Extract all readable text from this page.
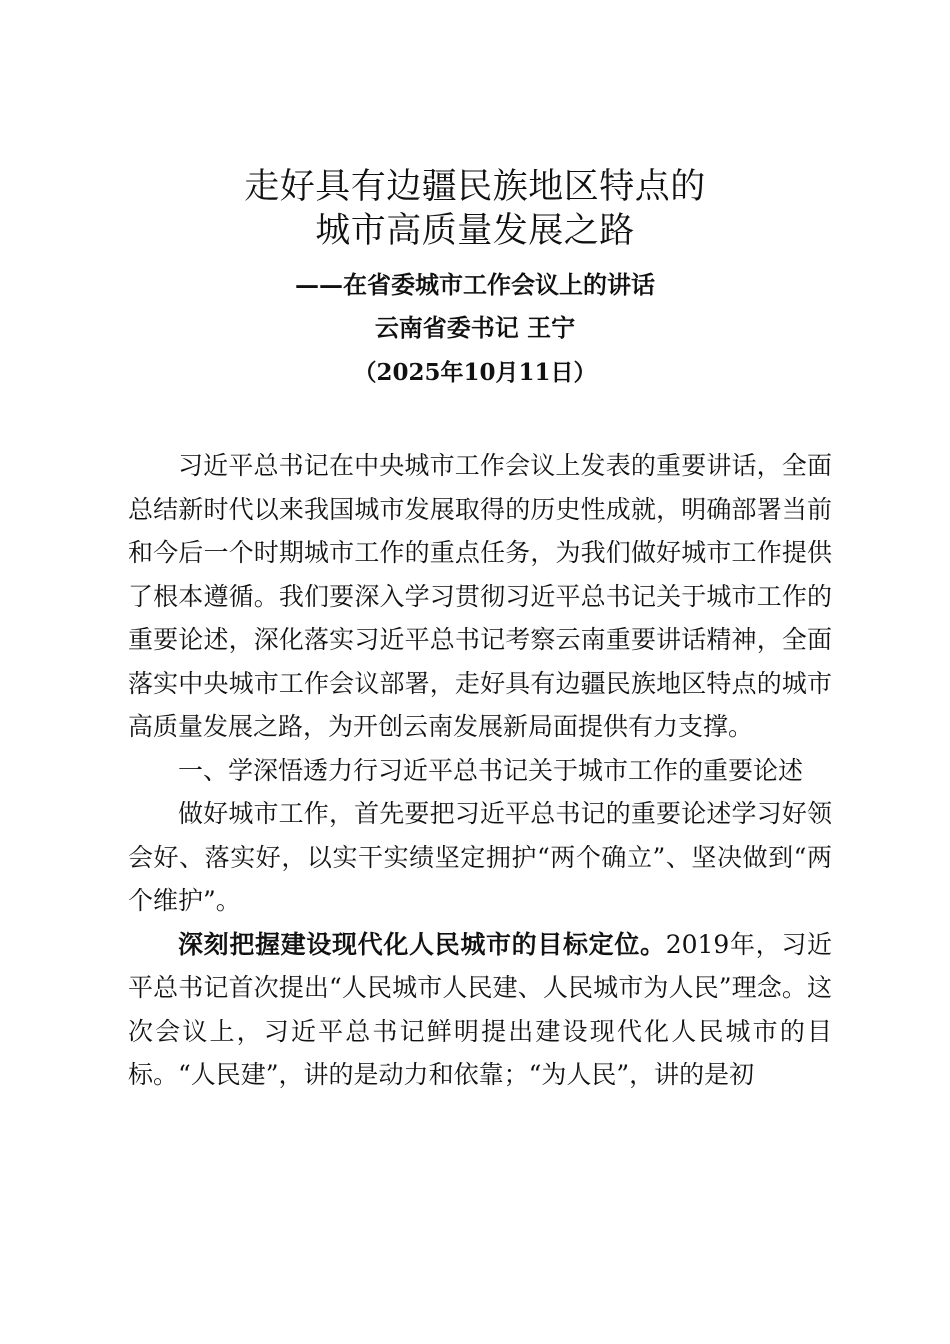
走好具有边疆民族地区特点的
城市高质量发展之路
——在省委城市工作会议上的讲话
云南省委书记 王宁
（2025年10月11日）

习近平总书记在中央城市工作会议上发表的重要讲话，全面总结新时代以来我国城市发展取得的历史性成就，明确部署当前和今后一个时期城市工作的重点任务，为我们做好城市工作提供了根本遵循。我们要深入学习贯彻习近平总书记关于城市工作的重要论述，深化落实习近平总书记考察云南重要讲话精神，全面落实中央城市工作会议部署，走好具有边疆民族地区特点的城市高质量发展之路，为开创云南发展新局面提供有力支撑。

一、学深悟透力行习近平总书记关于城市工作的重要论述

做好城市工作，首先要把习近平总书记的重要论述学习好领会好、落实好，以实干实绩坚定拥护“两个确立”、坚决做到“两个维护”。

深刻把握建设现代化人民城市的目标定位。2019年，习近平总书记首次提出“人民城市人民建、人民城市为人民”理念。这次会议上，习近平总书记鲜明提出建设现代化人民城市的目标。“人民建”，讲的是动力和依靠；“为人民”，讲的是初
